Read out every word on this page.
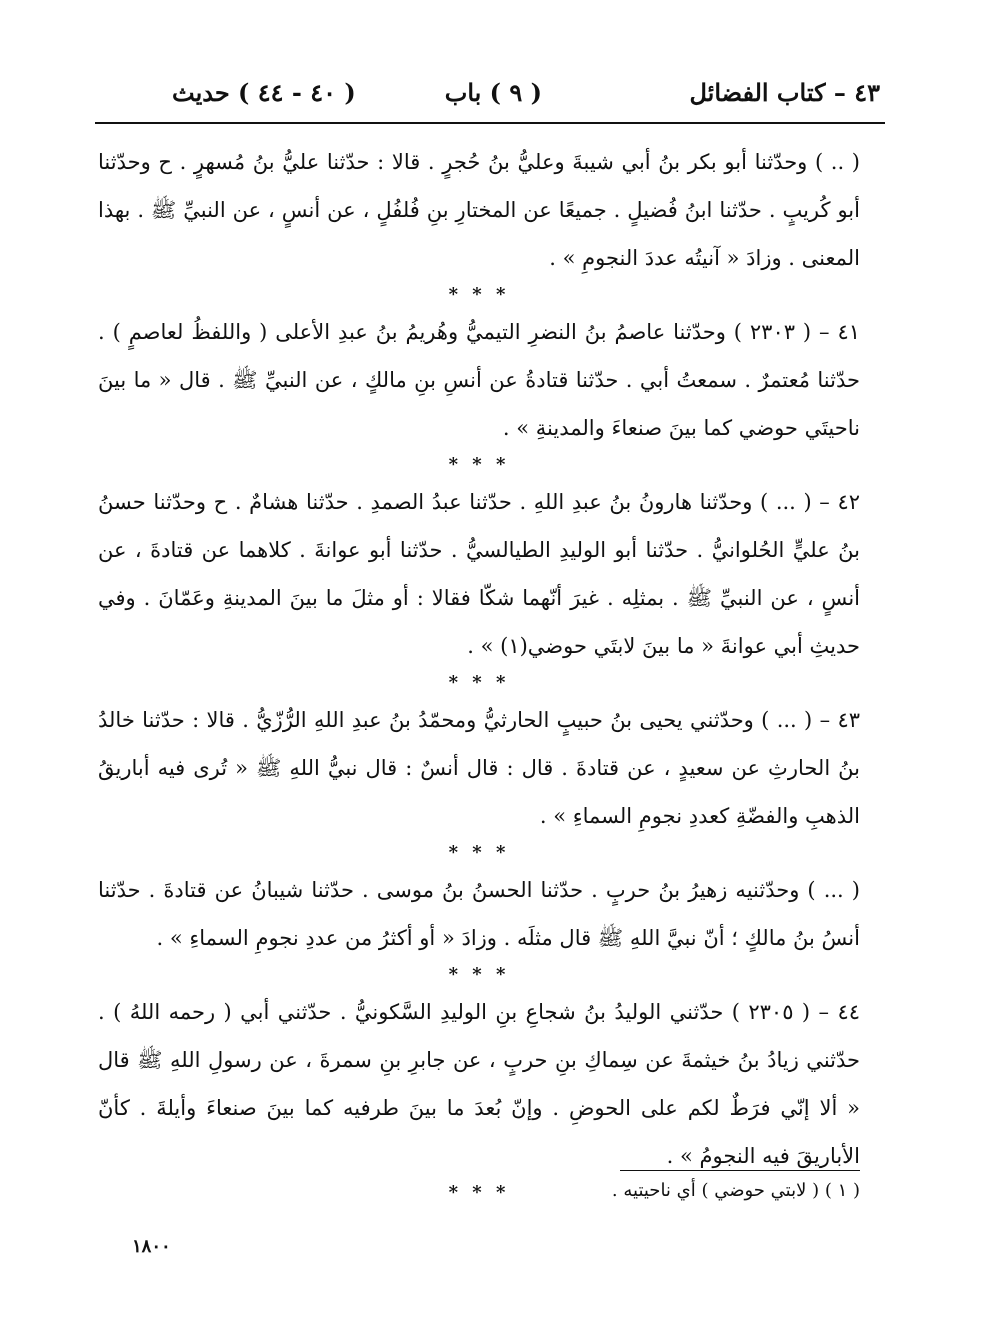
٤٣ – كتاب الفضائل
( ٩ ) باب
( ٤٠ - ٤٤ ) حديث

( .. ) وحدّثنا أبو بكر بنُ أبي شيبةَ وعليُّ بنُ حُجرٍ . قالا : حدّثنا عليُّ بنُ مُسهرٍ . ح وحدّثنا أبو كُريبٍ . حدّثنا ابنُ فُضيلٍ . جميعًا عن المختارِ بنِ فُلفُلٍ ، عن أنسٍ ، عن النبيِّ ﷺ . بهذا المعنى . وزادَ « آنيتُه عددَ النجومِ » .

* * *

٤١ – ( ٢٣٠٣ ) وحدّثنا عاصمُ بنُ النضرِ التيميُّ وهُريمُ بنُ عبدِ الأعلى ( واللفظُ لعاصمٍ ) . حدّثنا مُعتمرٌ . سمعتُ أبي . حدّثنا قتادةُ عن أنسِ بنِ مالكٍ ، عن النبيِّ ﷺ . قال « ما بينَ ناحيتَي حوضي كما بينَ صنعاءَ والمدينةِ » .

* * *

٤٢ – ( ... ) وحدّثنا هارونُ بنُ عبدِ اللهِ . حدّثنا عبدُ الصمدِ . حدّثنا هشامٌ . ح وحدّثنا حسنُ بنُ عليٍّ الحُلوانيُّ . حدّثنا أبو الوليدِ الطيالسيُّ . حدّثنا أبو عوانةَ . كلاهما عن قتادةَ ، عن أنسٍ ، عن النبيِّ ﷺ . بمثلِه . غيرَ أنّهما شكّا فقالا : أو مثلَ ما بينَ المدينةِ وعَمّانَ . وفي حديثِ أبي عوانةَ « ما بينَ لابتَي حوضي(١) » .

* * *

٤٣ – ( ... ) وحدّثني يحيى بنُ حبيبٍ الحارثيُّ ومحمّدُ بنُ عبدِ اللهِ الرُّزّيُّ . قالا : حدّثنا خالدُ بنُ الحارثِ عن سعيدٍ ، عن قتادةَ . قال : قال أنسٌ : قال نبيُّ اللهِ ﷺ « تُرى فيه أباريقُ الذهبِ والفضّةِ كعددِ نجومِ السماءِ » .

* * *

( ... ) وحدّثنيه زهيرُ بنُ حربٍ . حدّثنا الحسنُ بنُ موسى . حدّثنا شيبانُ عن قتادةَ . حدّثنا أنسُ بنُ مالكٍ ؛ أنّ نبيَّ اللهِ ﷺ قال مثلَه . وزادَ « أو أكثرُ من عددِ نجومِ السماءِ » .

* * *

٤٤ – ( ٢٣٠٥ ) حدّثني الوليدُ بنُ شجاعِ بنِ الوليدِ السَّكونيُّ . حدّثني أبي ( رحمه اللهُ ) . حدّثني زيادُ بنُ خيثمةَ عن سِماكِ بنِ حربٍ ، عن جابرِ بنِ سمرةَ ، عن رسولِ اللهِ ﷺ قال « ألا إنّي فرَطٌ لكم على الحوضِ . وإنّ بُعدَ ما بينَ طرفيه كما بينَ صنعاءَ وأيلةَ . كأنّ الأباريقَ فيه النجومُ » .

* * *	( ١ ) ( لابتي حوضي ) أي ناحيتيه .
١٨٠٠
